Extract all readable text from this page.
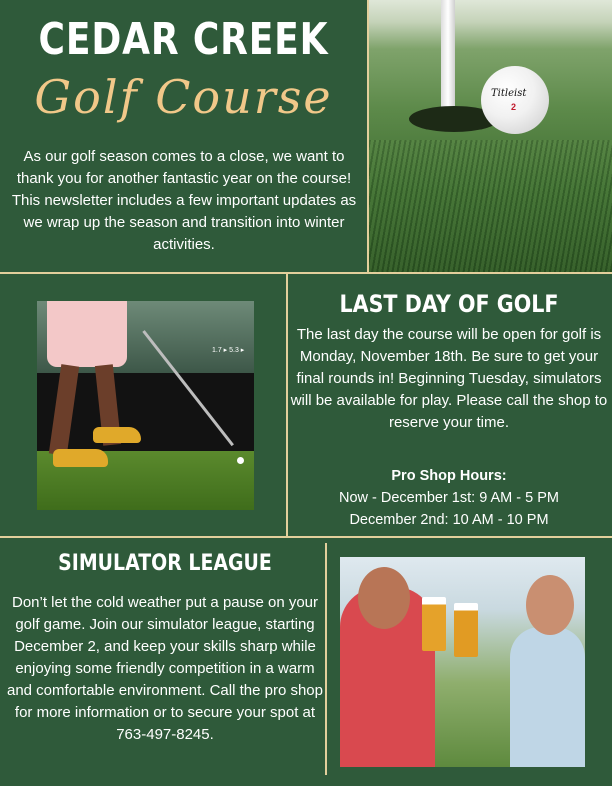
CEDAR CREEK
Golf Course

As our golf season comes to a close, we want to thank you for another fantastic year on the course! This newsletter includes a few important updates as we wrap up the season and transition into winter activities.

Titleist
2
1.7 ▸ 5.3 ▸
LAST DAY OF GOLF

The last day the course will be open for golf is Monday, November 18th. Be sure to get your final rounds in! Beginning Tuesday, simulators will be available for play. Please call the shop to reserve your time.

Pro Shop Hours:
Now - December 1st: 9 AM - 5 PM
December 2nd: 10 AM - 10 PM
SIMULATOR LEAGUE

Don’t let the cold weather put a pause on your golf game. Join our simulator league, starting December 2, and keep your skills sharp while enjoying some friendly competition in a warm and comfortable environment. Call the pro shop for more information or to secure your spot at 763-497-8245.
